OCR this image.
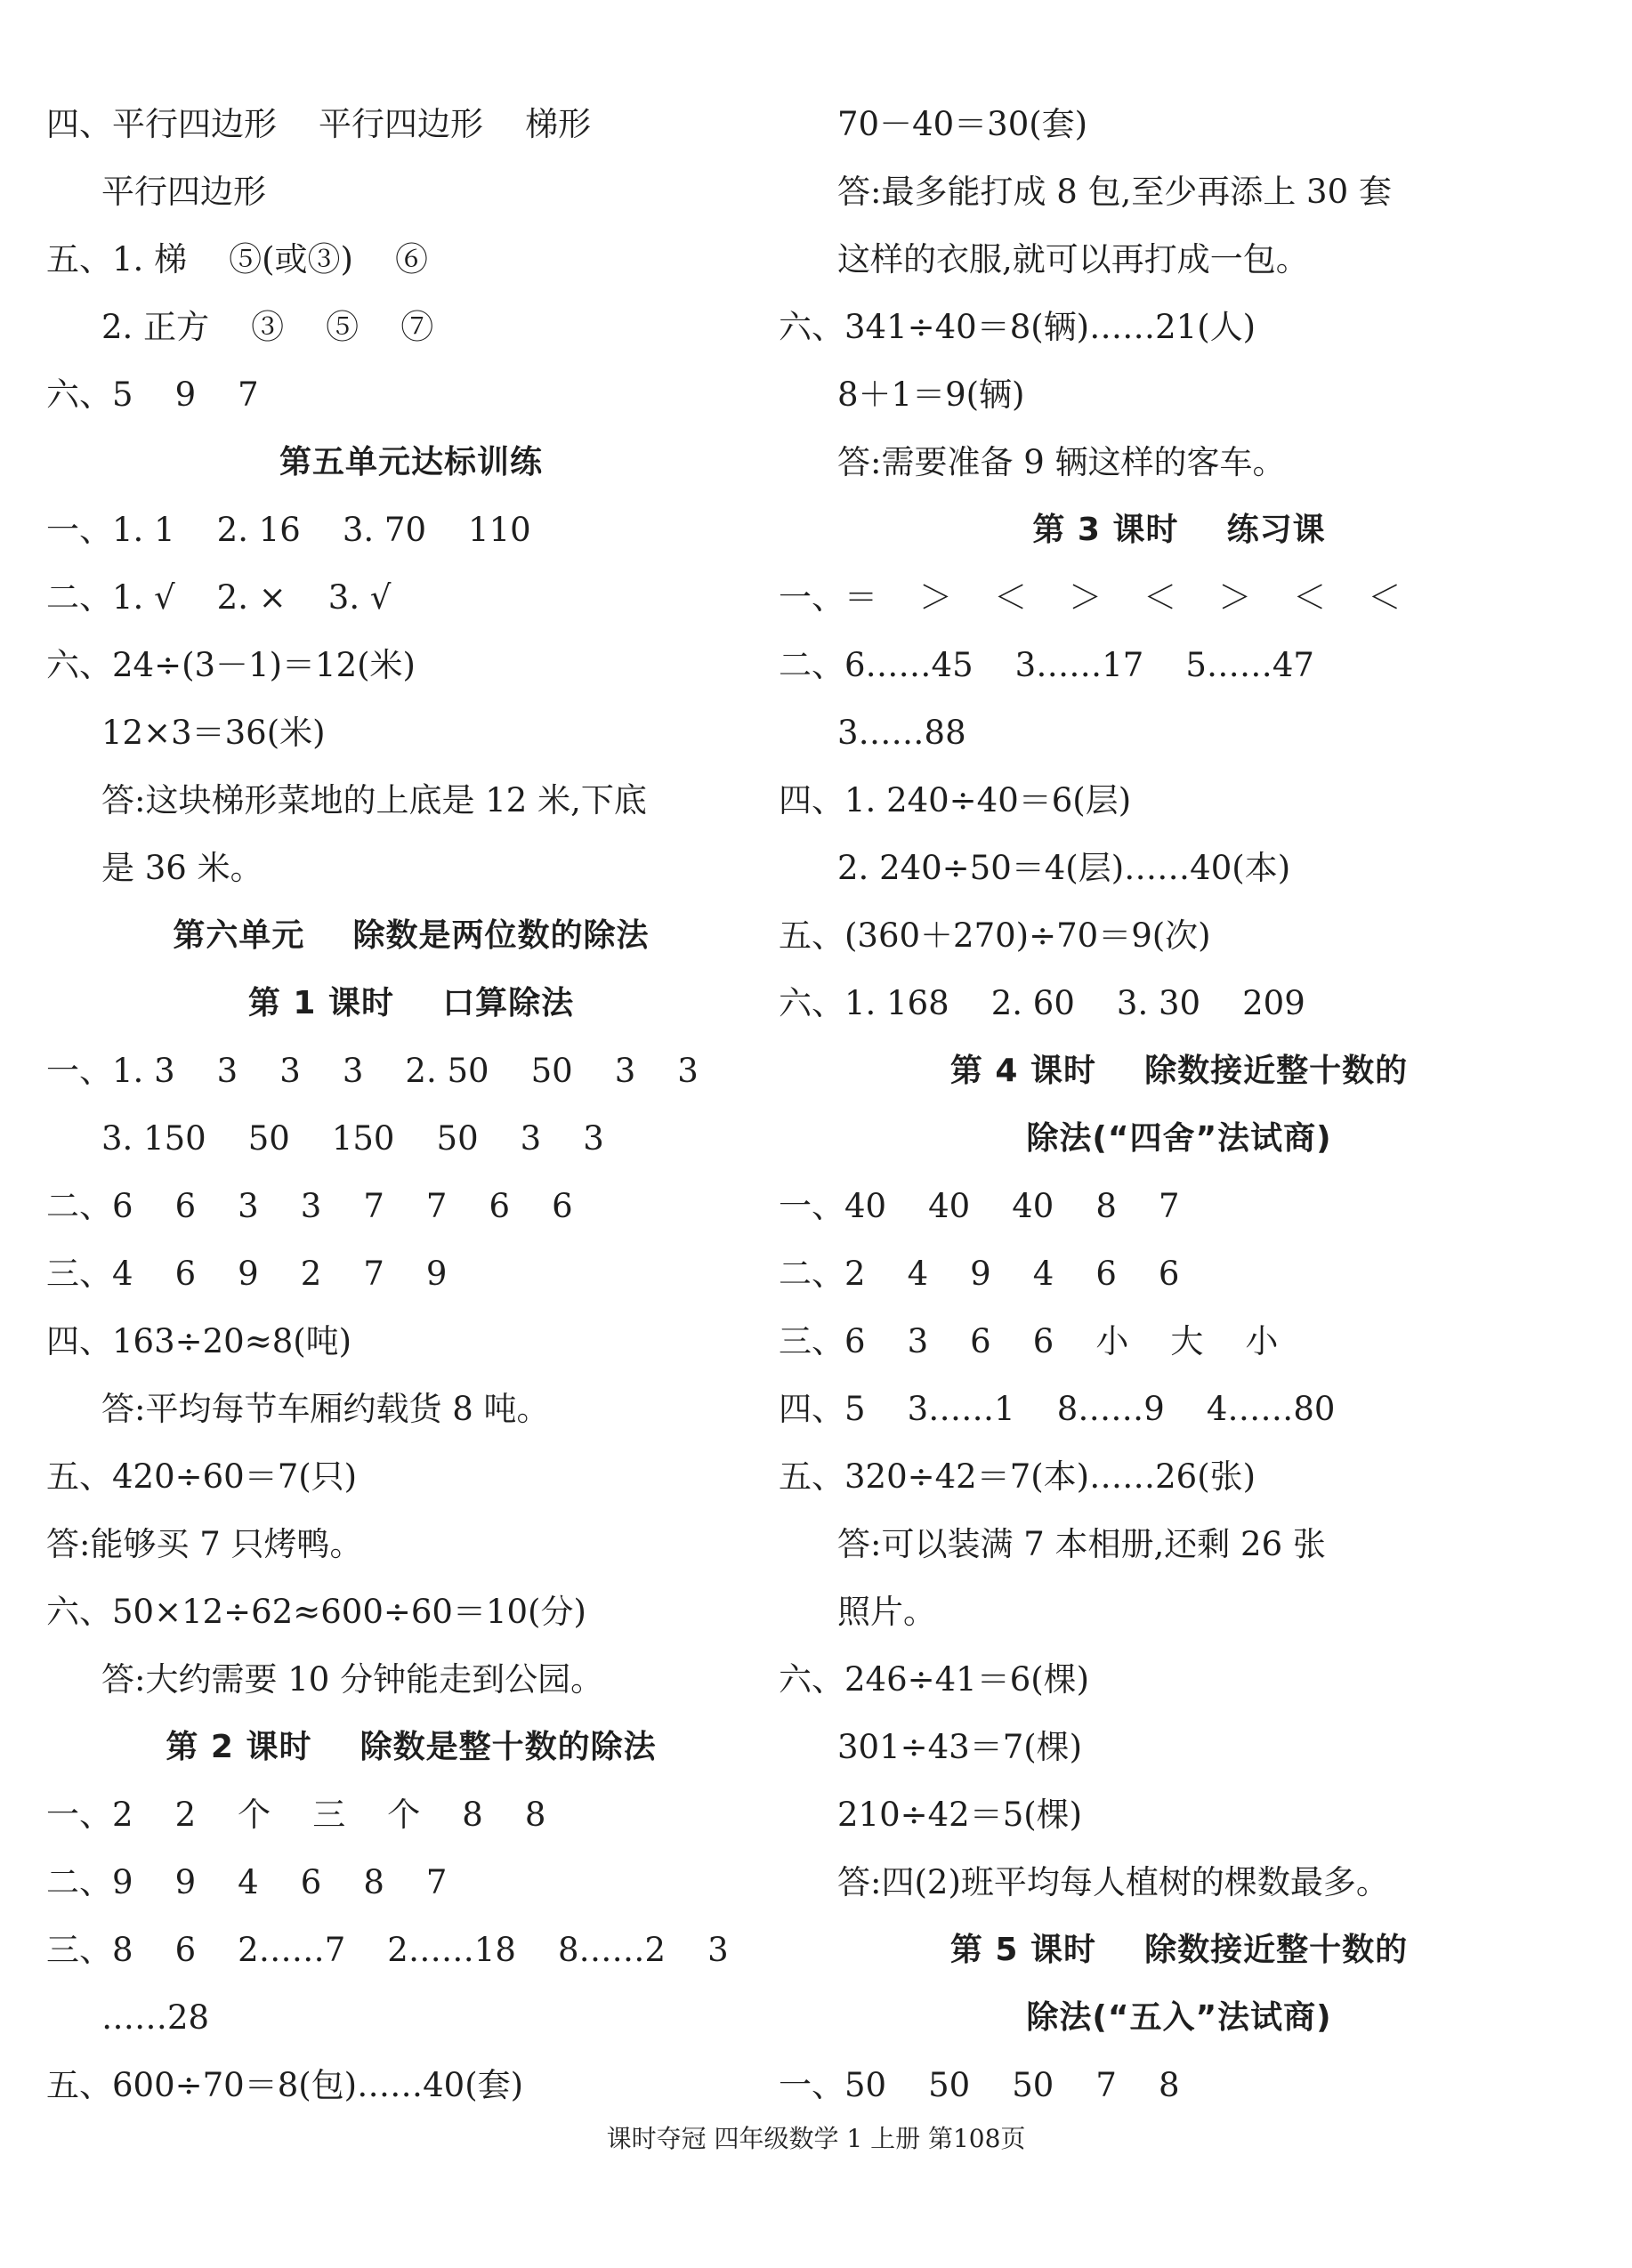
四、平行四边形    平行四边形    梯形
平行四边形
五、1. 梯    ⑤(或③)    ⑥
2. 正方    ③    ⑤    ⑦
六、5    9    7
第五单元达标训练
一、1. 1    2. 16    3. 70    110
二、1. √    2. ×    3. √
六、24÷(3－1)＝12(米)
12×3＝36(米)
答:这块梯形菜地的上底是 12 米,下底
是 36 米。
第六单元    除数是两位数的除法
第 1 课时    口算除法
一、1. 3    3    3    3    2. 50    50    3    3
3. 150    50    150    50    3    3
二、6    6    3    3    7    7    6    6
三、4    6    9    2    7    9
四、163÷20≈8(吨)
答:平均每节车厢约载货 8 吨。
五、420÷60＝7(只)
答:能够买 7 只烤鸭。
六、50×12÷62≈600÷60＝10(分)
答:大约需要 10 分钟能走到公园。
第 2 课时    除数是整十数的除法
一、2    2    个    三    个    8    8
二、9    9    4    6    8    7
三、8    6    2……7    2……18    8……2    3
……28
五、600÷70＝8(包)……40(套)
70－40＝30(套)
答:最多能打成 8 包,至少再添上 30 套
这样的衣服,就可以再打成一包。
六、341÷40＝8(辆)……21(人)
8＋1＝9(辆)
答:需要准备 9 辆这样的客车。
第 3 课时    练习课
一、＝    ＞    ＜    ＞    ＜    ＞    ＜    ＜
二、6……45    3……17    5……47
3……88
四、1. 240÷40＝6(层)
2. 240÷50＝4(层)……40(本)
五、(360＋270)÷70＝9(次)
六、1. 168    2. 60    3. 30    209
第 4 课时    除数接近整十数的
除法(“四舍”法试商)
一、40    40    40    8    7
二、2    4    9    4    6    6
三、6    3    6    6    小    大    小
四、5    3……1    8……9    4……80
五、320÷42＝7(本)……26(张)
答:可以装满 7 本相册,还剩 26 张
照片。
六、246÷41＝6(棵)
301÷43＝7(棵)
210÷42＝5(棵)
答:四(2)班平均每人植树的棵数最多。
第 5 课时    除数接近整十数的
除法(“五入”法试商)
一、50    50    50    7    8
课时夺冠 四年级数学 1 上册 第108页
